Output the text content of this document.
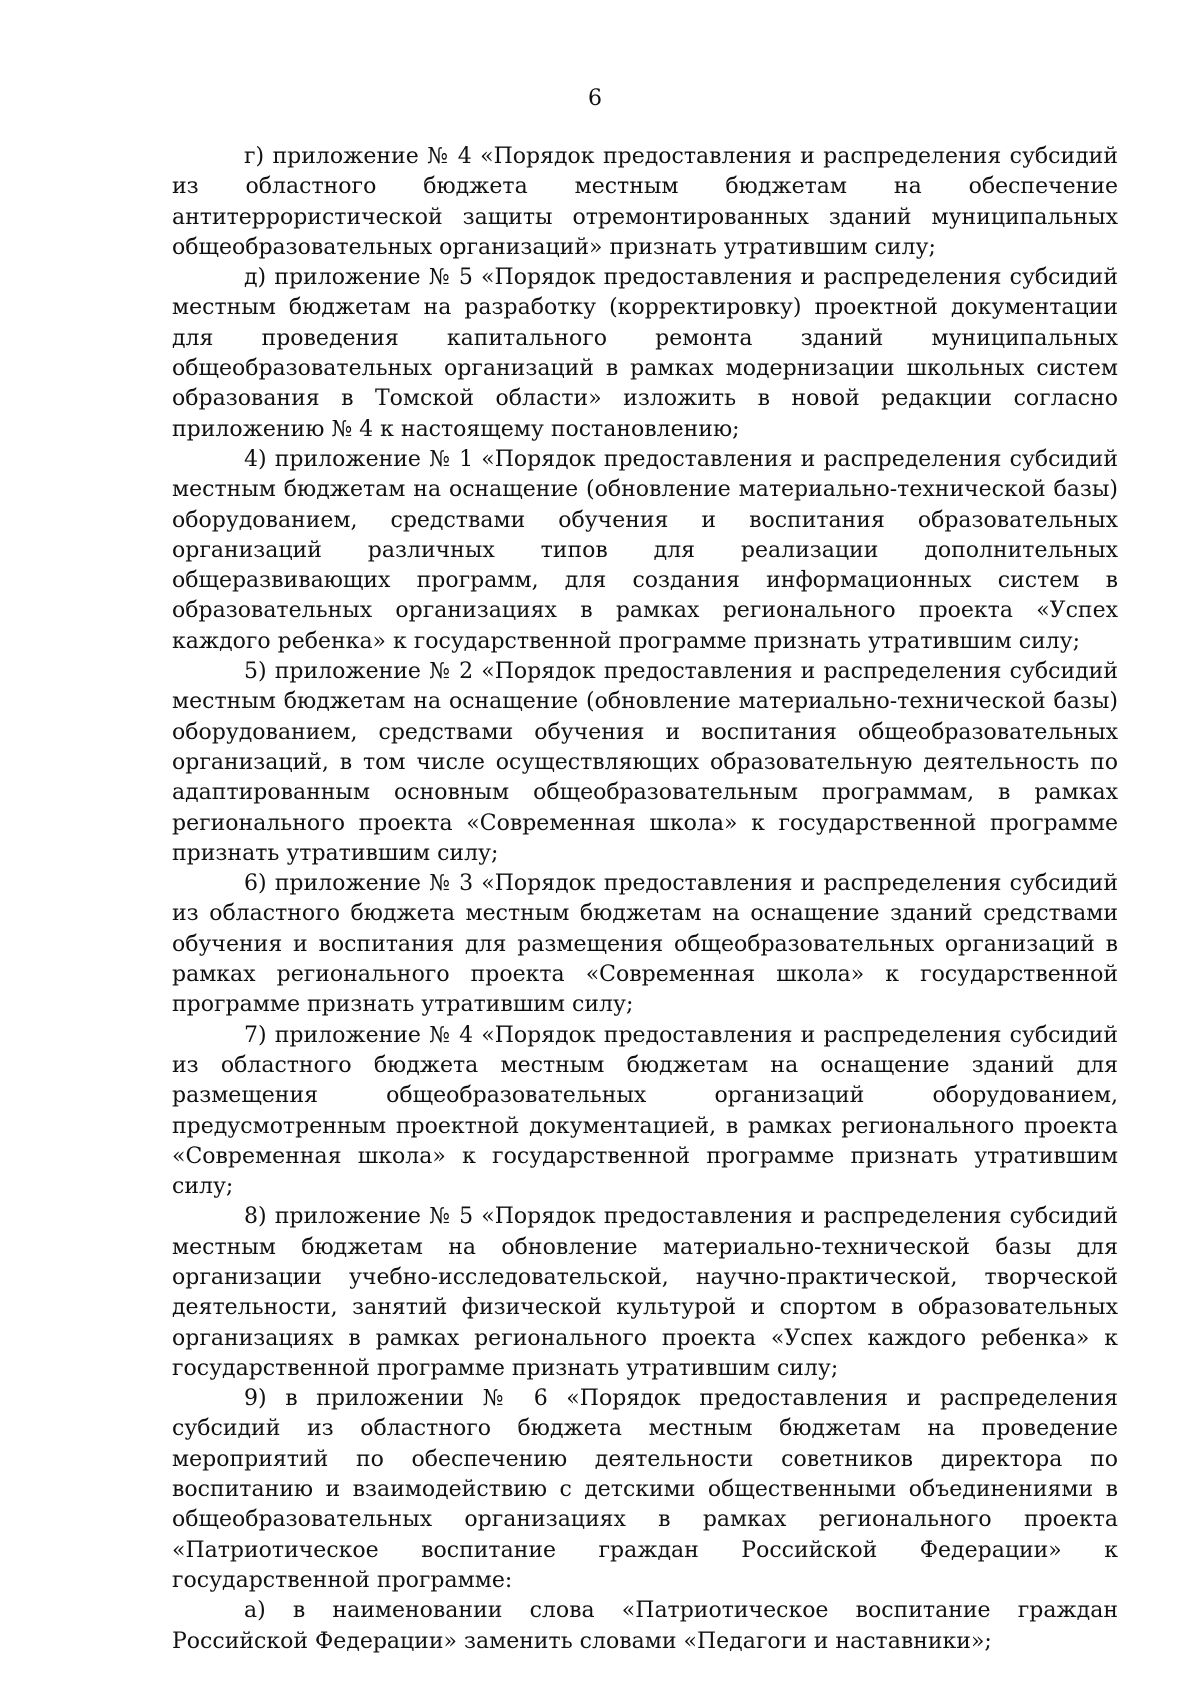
6

г) приложение № 4 «Порядок предоставления и распределения субсидий из областного бюджета местным бюджетам на обеспечение антитеррористической защиты отремонтированных зданий муниципальных общеобразовательных организаций» признать утратившим силу;

д) приложение № 5 «Порядок предоставления и распределения субсидий местным бюджетам на разработку (корректировку) проектной документации для проведения капитального ремонта зданий муниципальных общеобразовательных организаций в рамках модернизации школьных систем образования в Томской области» изложить в новой редакции согласно приложению № 4 к настоящему постановлению;

4) приложение № 1 «Порядок предоставления и распределения субсидий местным бюджетам на оснащение (обновление материально-технической базы) оборудованием, средствами обучения и воспитания образовательных организаций различных типов для реализации дополнительных общеразвивающих программ, для создания информационных систем в образовательных организациях в рамках регионального проекта «Успех каждого ребенка» к государственной программе признать утратившим силу;

5) приложение № 2 «Порядок предоставления и распределения субсидий местным бюджетам на оснащение (обновление материально-технической базы) оборудованием, средствами обучения и воспитания общеобразовательных организаций, в том числе осуществляющих образовательную деятельность по адаптированным основным общеобразовательным программам, в рамках регионального проекта «Современная школа» к государственной программе признать утратившим силу;

6) приложение № 3 «Порядок предоставления и распределения субсидий из областного бюджета местным бюджетам на оснащение зданий средствами обучения и воспитания для размещения общеобразовательных организаций в рамках регионального проекта «Современная школа» к государственной программе признать утратившим силу;

7) приложение № 4 «Порядок предоставления и распределения субсидий из областного бюджета местным бюджетам на оснащение зданий для размещения общеобразовательных организаций оборудованием, предусмотренным проектной документацией, в рамках регионального проекта «Современная школа» к государственной программе признать утратившим силу;

8) приложение № 5 «Порядок предоставления и распределения субсидий местным бюджетам на обновление материально-технической базы для организации учебно-исследовательской, научно-практической, творческой деятельности, занятий физической культурой и спортом в образовательных организациях в рамках регионального проекта «Успех каждого ребенка» к государственной программе признать утратившим силу;

9) в приложении № 6 «Порядок предоставления и распределения субсидий из областного бюджета местным бюджетам на проведение мероприятий по обеспечению деятельности советников директора по воспитанию и взаимодействию с детскими общественными объединениями в общеобразовательных организациях в рамках регионального проекта «Патриотическое воспитание граждан Российской Федерации» к государственной программе:

а) в наименовании слова «Патриотическое воспитание граждан Российской Федерации» заменить словами «Педагоги и наставники»;
